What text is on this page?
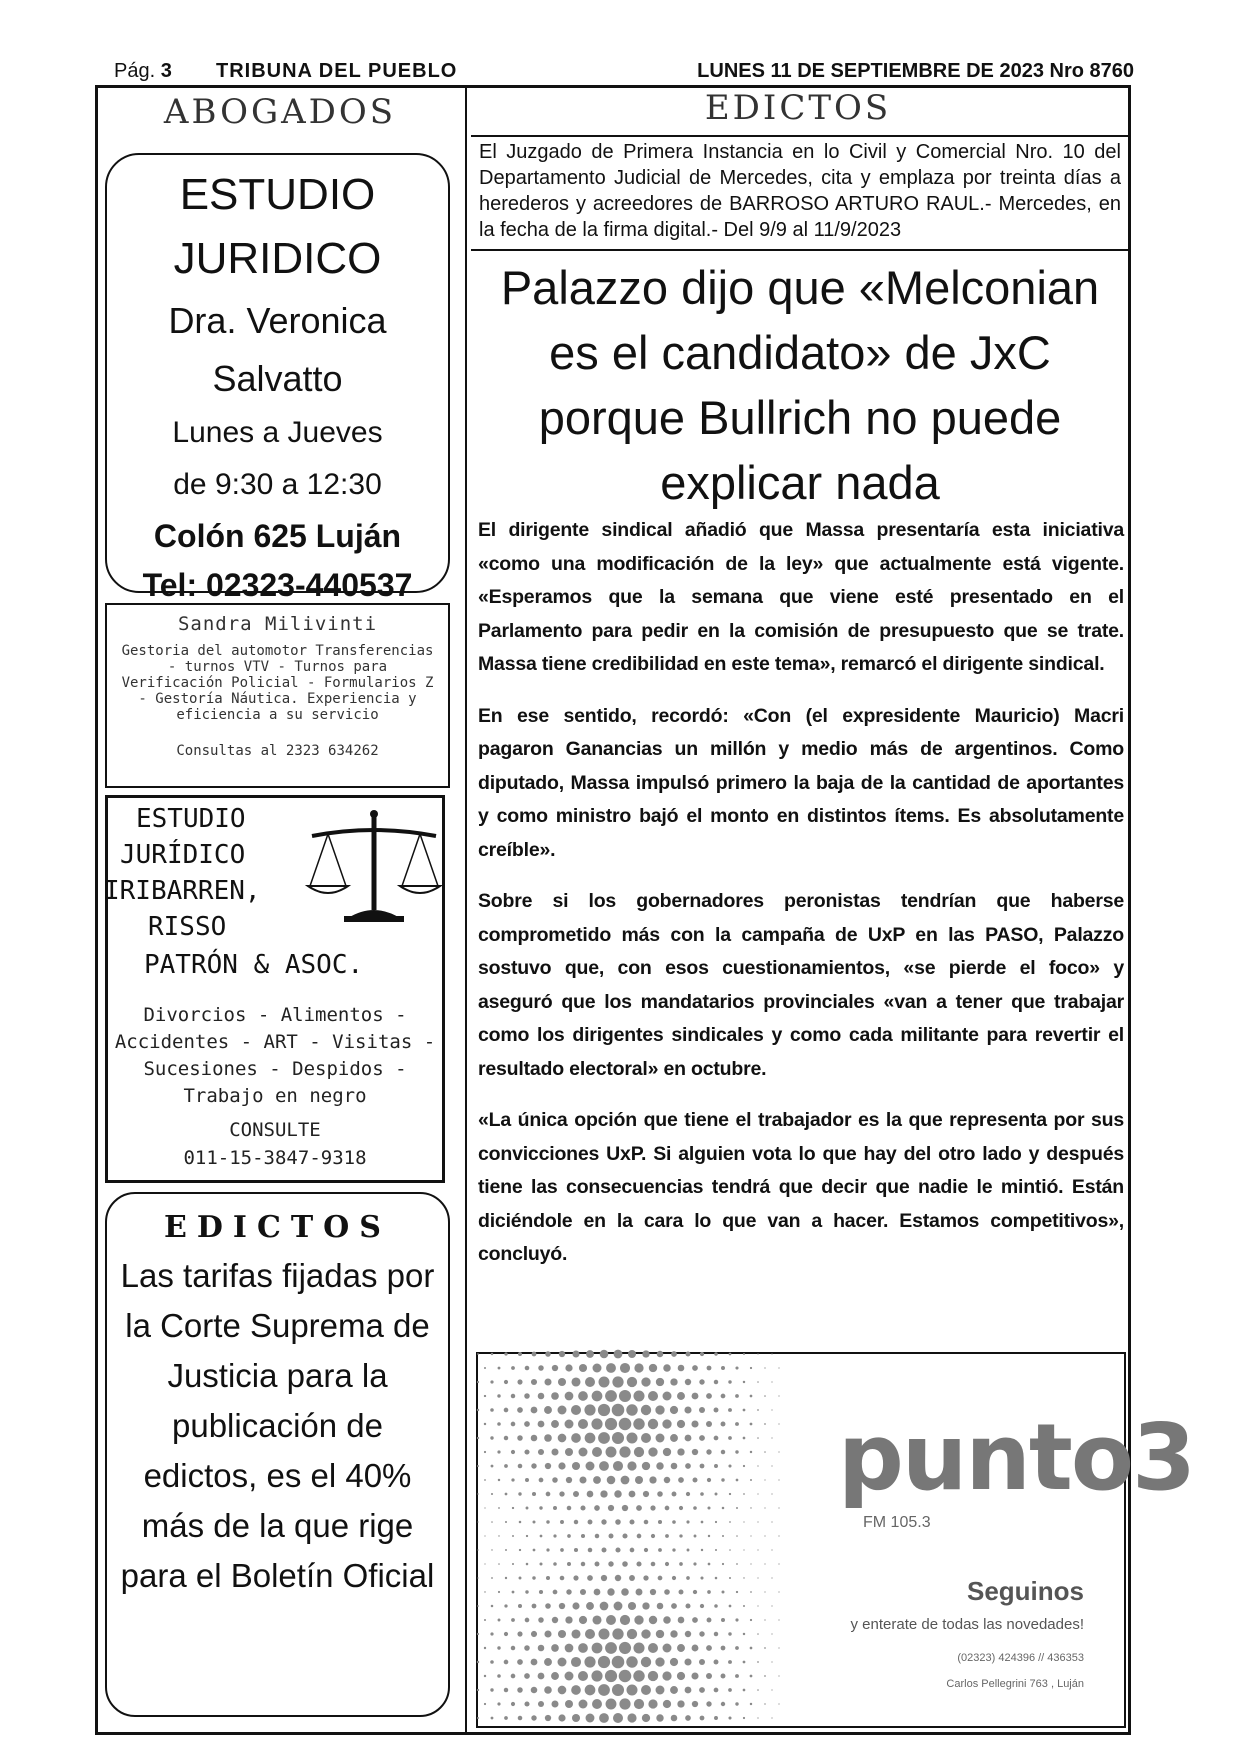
Pág. 3 TRIBUNA DEL PUEBLO	LUNES 11 DE SEPTIEMBRE DE 2023 Nro 8760
ABOGADOS
ESTUDIO
JURIDICO
Dra. Veronica
Salvatto
Lunes a Jueves
de 9:30 a 12:30
Colón 625 Luján
Tel: 02323-440537
Sandra Milivinti
Gestoria del automotor Transferencias - turnos VTV - Turnos para Verificación Policial - Formularios Z - Gestoría Náutica. Experiencia y eficiencia a su servicio
Consultas al 2323 634262
ESTUDIO
JURÍDICO
IRIBARREN,
RISSO
PATRÓN & ASOC.
Divorcios - Alimentos - Accidentes - ART - Visitas - Sucesiones - Despidos - Trabajo en negro
CONSULTE
011-15-3847-9318
EDICTOS
Las tarifas fijadas por la Corte Suprema de Justicia para la publicación de edictos, es el 40% más de la que rige para el Boletín Oficial
EDICTOS
El Juzgado de Primera Instancia en lo Civil y Comercial Nro. 10 del Departamento Judicial de Mercedes, cita y emplaza por treinta días a herederos y acreedores de BARROSO ARTURO RAUL.- Mercedes, en la fecha de la firma digital.- Del 9/9 al 11/9/2023
Palazzo dijo que «Melconian es el candidato» de JxC porque Bullrich no puede explicar nada

El dirigente sindical añadió que Massa presentaría esta iniciativa «como una modificación de la ley» que actualmente está vigente. «Esperamos que la semana que viene esté presentado en el Parlamento para pedir en la comisión de presupuesto que se trate. Massa tiene credibilidad en este tema», remarcó el dirigente sindical.

En ese sentido, recordó: «Con (el expresidente Mauricio) Macri pagaron Ganancias un millón y medio más de argentinos. Como diputado, Massa impulsó primero la baja de la cantidad de aportantes y como ministro bajó el monto en distintos ítems. Es absolutamente creíble».

Sobre si los gobernadores peronistas tendrían que haberse comprometido más con la campaña de UxP en las PASO, Palazzo sostuvo que, con esos cuestionamientos, «se pierde el foco» y aseguró que los mandatarios provinciales «van a tener que trabajar como los dirigentes sindicales y como cada militante para revertir el resultado electoral» en octubre.

«La única opción que tiene el trabajador es la que representa por sus convicciones UxP. Si alguien vota lo que hay del otro lado y después tiene las consecuencias tendrá que decir que nadie le mintió. Están diciéndole en la cara lo que van a hacer. Estamos competitivos», concluyó.

punto3
FM 105.3
Seguinos
y enterate de todas las novedades!
(02323) 424396 // 436353
Carlos Pellegrini 763 , Luján
